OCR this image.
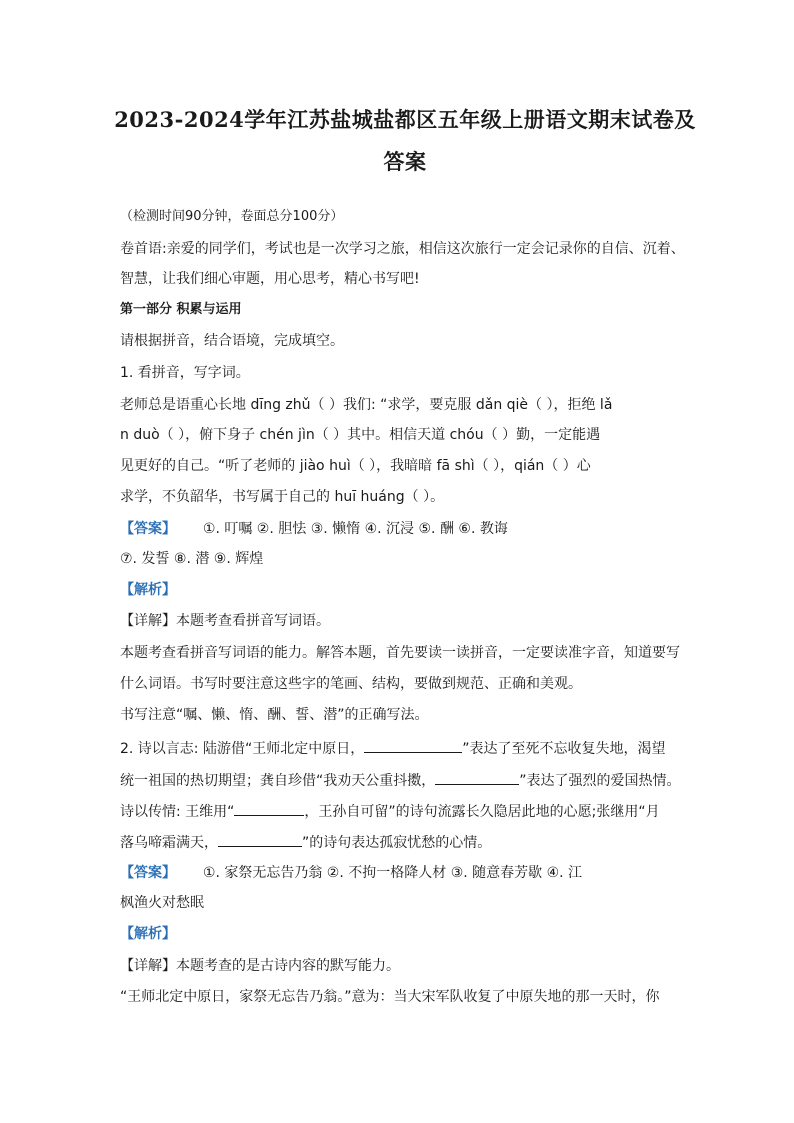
2023-2024学年江苏盐城盐都区五年级上册语文期末试卷及
答案
（检测时间90分钟，卷面总分100分）
卷首语:亲爱的同学们，考试也是一次学习之旅，相信这次旅行一定会记录你的自信、沉着、
智慧，让我们细心审题，用心思考，精心书写吧!
第一部分 积累与运用
请根据拼音，结合语境，完成填空。
1. 看拼音，写字词。
老师总是语重心长地 dīng zhǔ（ ）我们: “求学，要克服 dǎn qiè（ ），拒绝 lǎ
n duò（ ），俯下身子 chén jìn（ ）其中。相信天道 chóu（ ）勤，一定能遇
见更好的自己。“听了老师的 jiào huì（ ），我暗暗 fā shì（ ），qián（ ）心
求学，不负韶华，书写属于自己的 huī huáng（ ）。
【答案】 ①. 叮嘱 ②. 胆怯 ③. 懒惰 ④. 沉浸 ⑤. 酬 ⑥. 教诲
⑦. 发誓 ⑧. 潜 ⑨. 辉煌
【解析】
【详解】本题考查看拼音写词语。
本题考查看拼音写词语的能力。解答本题，首先要读一读拼音，一定要读准字音，知道要写
什么词语。书写时要注意这些字的笔画、结构，要做到规范、正确和美观。
书写注意“嘱、懒、惰、酬、誓、潜”的正确写法。
2. 诗以言志: 陆游借“王师北定中原日，	”表达了至死不忘收复失地，渴望
统一祖国的热切期望；龚自珍借“我劝天公重抖擞，	”表达了强烈的爱国热情。
诗以传情: 王维用“	，王孙自可留”的诗句流露长久隐居此地的心愿;张继用“月
落乌啼霜满天，	”的诗句表达孤寂忧愁的心情。
【答案】 ①. 家祭无忘告乃翁 ②. 不拘一格降人材 ③. 随意春芳歇 ④. 江
枫渔火对愁眠
【解析】
【详解】本题考查的是古诗内容的默写能力。
“王师北定中原日，家祭无忘告乃翁。”意为：当大宋军队收复了中原失地的那一天时，你
